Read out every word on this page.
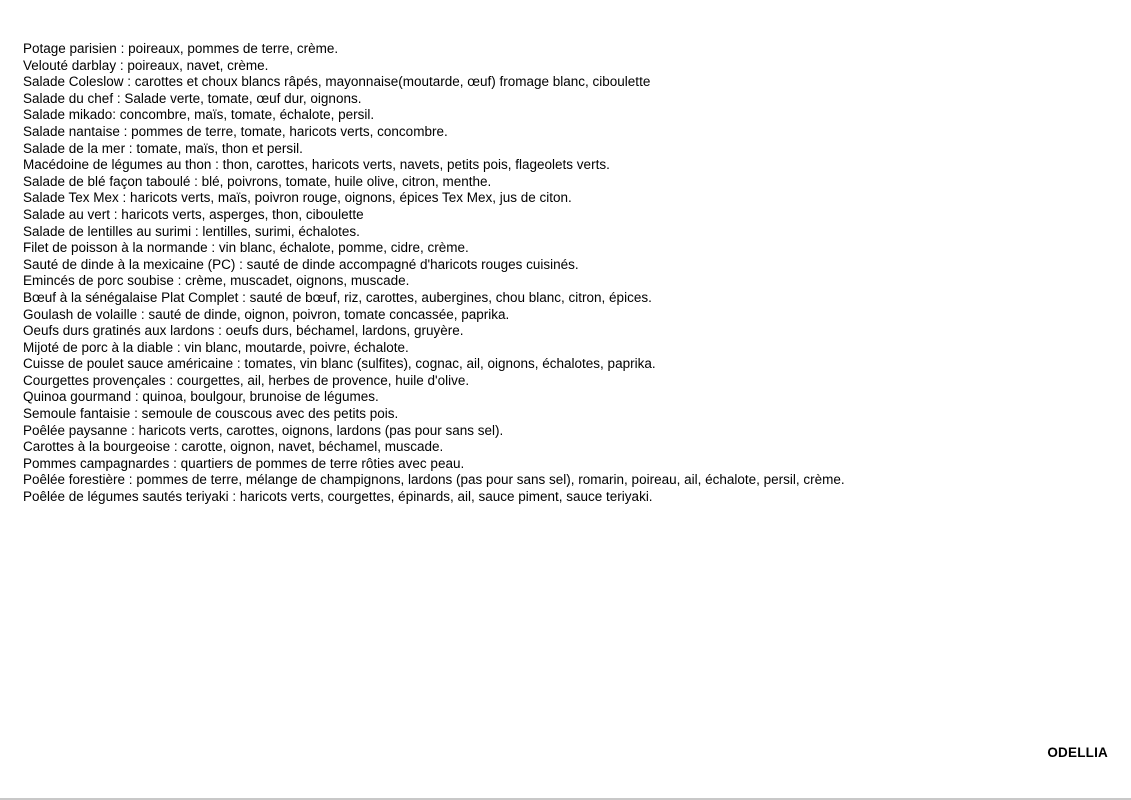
Potage parisien : poireaux, pommes de terre, crème.
Velouté darblay : poireaux, navet, crème.
Salade Coleslow : carottes et choux blancs râpés, mayonnaise(moutarde, œuf) fromage blanc, ciboulette
Salade du chef : Salade verte, tomate, œuf dur, oignons.
Salade mikado: concombre, maïs, tomate, échalote, persil.
Salade nantaise : pommes de terre, tomate, haricots verts, concombre.
Salade de la mer : tomate, maïs, thon et persil.
Macédoine de légumes au thon : thon, carottes, haricots verts, navets, petits pois, flageolets verts.
Salade de blé façon taboulé : blé, poivrons, tomate, huile olive, citron, menthe.
Salade Tex Mex : haricots verts, maïs, poivron rouge, oignons, épices Tex Mex, jus de citon.
Salade au vert : haricots verts, asperges, thon, ciboulette
Salade de lentilles au surimi : lentilles, surimi, échalotes.
Filet de poisson à la normande : vin blanc, échalote, pomme, cidre, crème.
Sauté de dinde à la mexicaine (PC) : sauté de dinde accompagné d'haricots rouges cuisinés.
Emincés de porc soubise : crème, muscadet, oignons, muscade.
Bœuf à la sénégalaise Plat Complet : sauté de bœuf, riz, carottes, aubergines, chou blanc, citron, épices.
Goulash de volaille : sauté de dinde, oignon, poivron, tomate concassée, paprika.
Oeufs durs gratinés aux lardons : oeufs durs, béchamel, lardons, gruyère.
Mijoté de porc à la diable : vin blanc, moutarde, poivre, échalote.
Cuisse de poulet sauce américaine : tomates, vin blanc (sulfites), cognac, ail, oignons, échalotes, paprika.
Courgettes provençales : courgettes, ail, herbes de provence, huile d'olive.
Quinoa gourmand : quinoa, boulgour, brunoise de légumes.
Semoule fantaisie : semoule de couscous avec des petits pois.
Poêlée paysanne : haricots verts, carottes, oignons, lardons (pas pour sans sel).
Carottes à la bourgeoise : carotte, oignon, navet, béchamel, muscade.
Pommes campagnardes : quartiers de pommes de terre rôties avec peau.
Poêlée forestière : pommes de terre, mélange de champignons, lardons (pas pour sans sel), romarin, poireau, ail, échalote, persil, crème.
Poêlée de légumes sautés teriyaki : haricots verts, courgettes, épinards, ail, sauce piment, sauce teriyaki.
ODELLIA
